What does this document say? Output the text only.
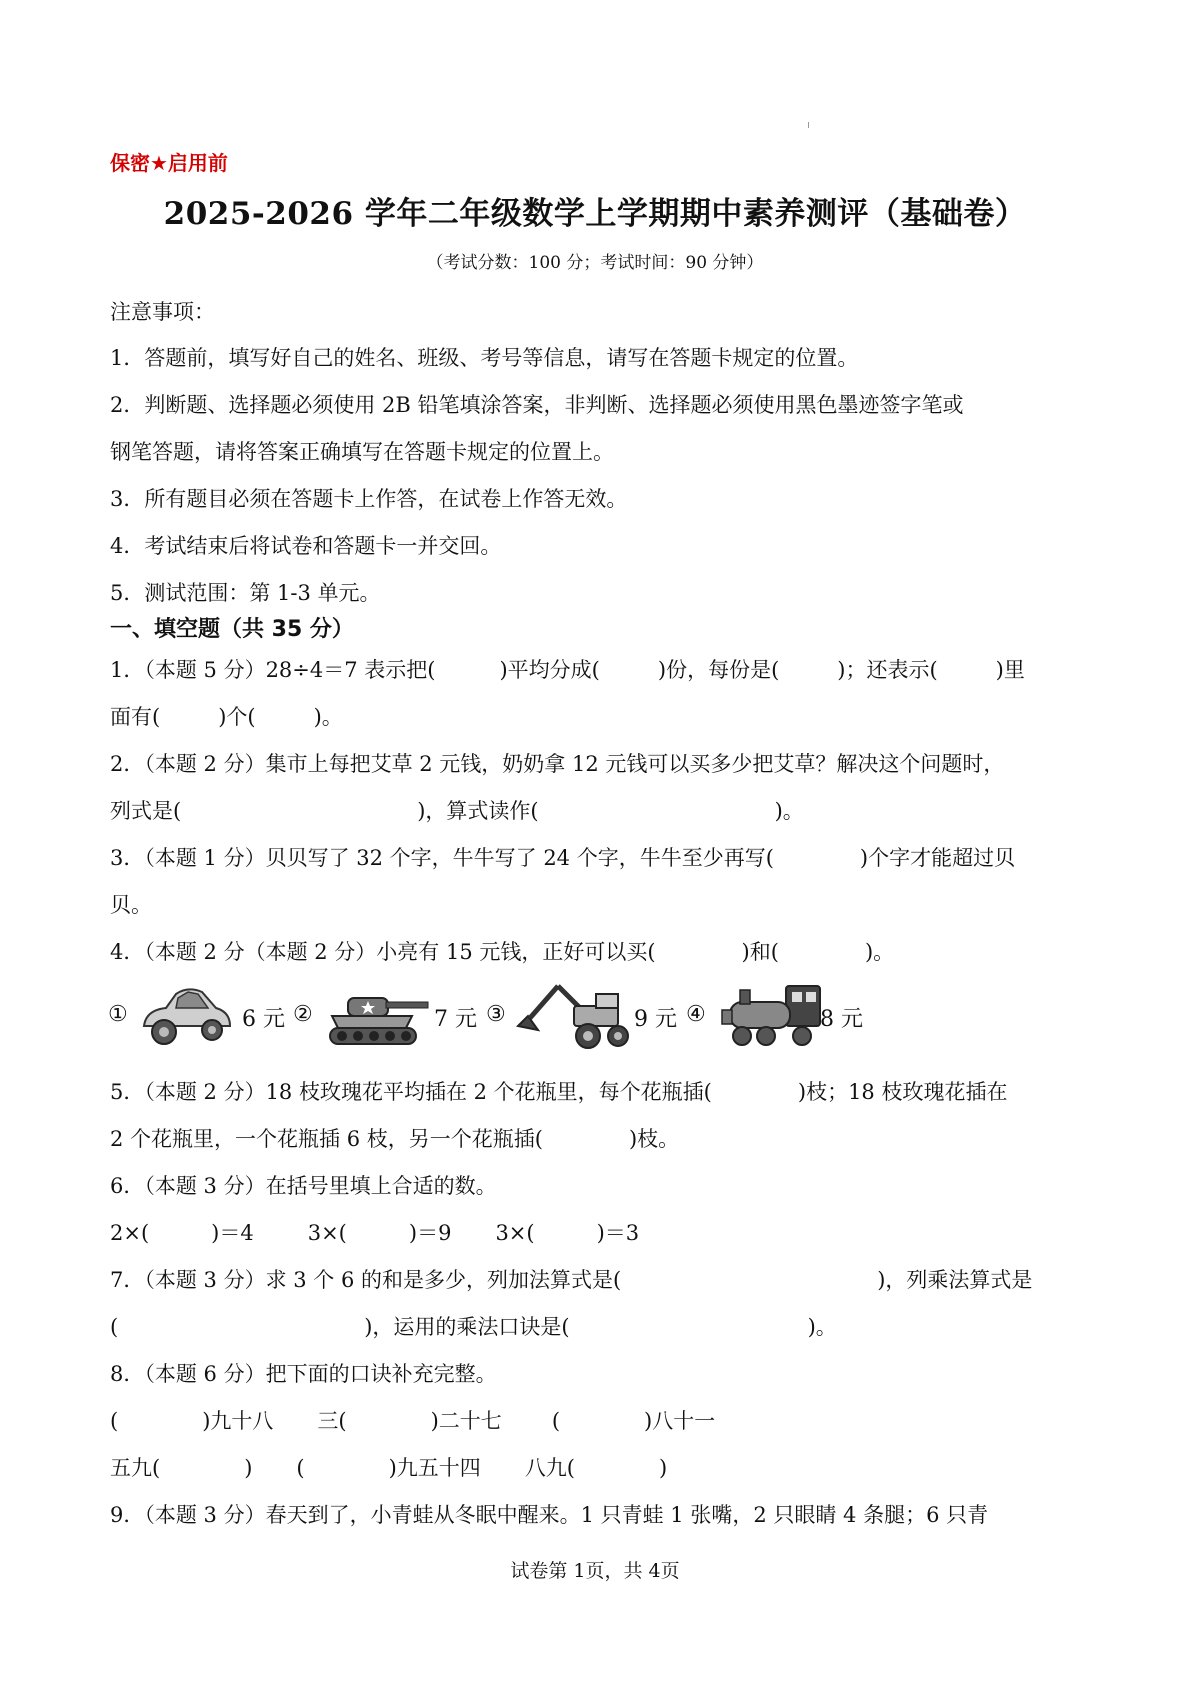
保密★启用前
2025-2026 学年二年级数学上学期期中素养测评（基础卷）
（考试分数：100 分；考试时间：90 分钟）
注意事项：
1．答题前，填写好自己的姓名、班级、考号等信息，请写在答题卡规定的位置。
2．判断题、选择题必须使用 2B 铅笔填涂答案，非判断、选择题必须使用黑色墨迹签字笔或
钢笔答题，请将答案正确填写在答题卡规定的位置上。
3．所有题目必须在答题卡上作答，在试卷上作答无效。
4．考试结束后将试卷和答题卡一并交回。
5．测试范围：第 1-3 单元。
一、填空题（共 35 分）
1．（本题 5 分）28÷4＝7 表示把(	)平均分成(	)份，每份是(	)；还表示(	)里
面有(	)个(	)。
2．（本题 2 分）集市上每把艾草 2 元钱，奶奶拿 12 元钱可以买多少把艾草？解决这个问题时，
列式是(	)，算式读作(	)。
3．（本题 1 分）贝贝写了 32 个字，牛牛写了 24 个字，牛牛至少再写(	)个字才能超过贝
贝。
4．（本题 2 分（本题 2 分）小亮有 15 元钱，正好可以买(	)和(	)。
①	6 元 ②	7 元 ③	9 元 ④	8 元
5．（本题 2 分）18 枝玫瑰花平均插在 2 个花瓶里，每个花瓶插(	)枝；18 枝玫瑰花插在
2 个花瓶里，一个花瓶插 6 枝，另一个花瓶插(	)枝。
6．（本题 3 分）在括号里填上合适的数。
2×(	)＝4	3×(	)＝9 3×(	)＝3
7．（本题 3 分）求 3 个 6 的和是多少，列加法算式是(	)，列乘法算式是
(	)，运用的乘法口诀是(	)。
8．（本题 6 分）把下面的口诀补充完整。
(	)九十八 三(	)二十七 (	)八十一
五九(	) (	)九五十四 八九(	)
9．（本题 3 分）春天到了，小青蛙从冬眠中醒来。1 只青蛙 1 张嘴，2 只眼睛 4 条腿；6 只青
试卷第 1页，共 4页
